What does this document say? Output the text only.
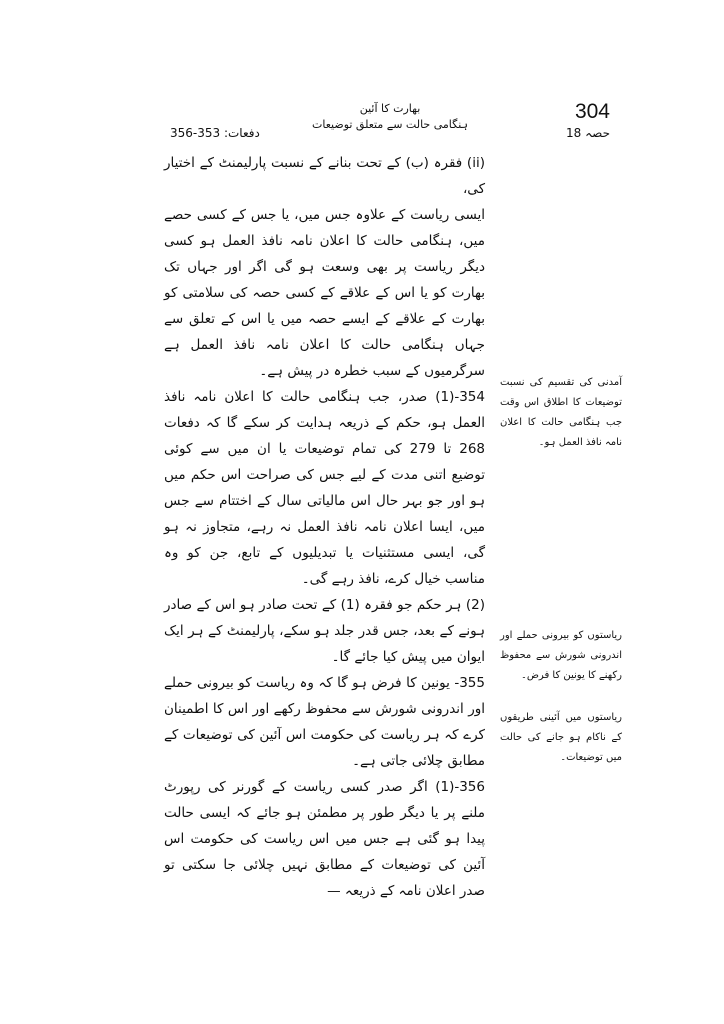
304
بھارت کا آئین
ہنگامی حالت سے متعلق توضیعات
حصہ 18
دفعات: 353-356

(ii) فقرہ (ب) کے تحت بنانے کے نسبت پارلیمنٹ کے اختیار کی،

ایسی ریاست کے علاوہ جس میں، یا جس کے کسی حصے میں، ہنگامی حالت کا اعلان نامہ نافذ العمل ہو کسی دیگر ریاست پر بھی وسعت ہو گی اگر اور جہاں تک بھارت کو یا اس کے علاقے کے کسی حصہ کی سلامتی کو بھارت کے علاقے کے ایسے حصہ میں یا اس کے تعلق سے جہاں ہنگامی حالت کا اعلان نامہ نافذ العمل ہے سرگرمیوں کے سبب خطرہ در پیش ہے۔

354-(1) صدر، جب ہنگامی حالت کا اعلان نامہ نافذ العمل ہو، حکم کے ذریعہ ہدایت کر سکے گا کہ دفعات 268 تا 279 کی تمام توضیعات یا ان میں سے کوئی توضیع اتنی مدت کے لیے جس کی صراحت اس حکم میں ہو اور جو بہر حال اس مالیاتی سال کے اختتام سے جس میں، ایسا اعلان نامہ نافذ العمل نہ رہے، متجاوز نہ ہو گی، ایسی مستثنیات یا تبدیلیوں کے تابع، جن کو وہ مناسب خیال کرے، نافذ رہے گی۔

(2) ہر حکم جو فقرہ (1) کے تحت صادر ہو اس کے صادر ہونے کے بعد، جس قدر جلد ہو سکے، پارلیمنٹ کے ہر ایک ایوان میں پیش کیا جائے گا۔

355- یونین کا فرض ہو گا کہ وہ ریاست کو بیرونی حملے اور اندرونی شورش سے محفوظ رکھے اور اس کا اطمینان کرے کہ ہر ریاست کی حکومت اس آئین کی توضیعات کے مطابق چلائی جاتی ہے۔

356-(1) اگر صدر کسی ریاست کے گورنر کی رپورٹ ملنے پر یا دیگر طور پر مطمئن ہو جائے کہ ایسی حالت پیدا ہو گئی ہے جس میں اس ریاست کی حکومت اس آئین کی توضیعات کے مطابق نہیں چلائی جا سکتی تو صدر اعلان نامہ کے ذریعہ —

آمدنی کی تقسیم کی نسبت توضیعات کا اطلاق اس وقت جب ہنگامی حالت کا اعلان نامہ نافذ العمل ہو۔
ریاستوں کو بیرونی حملے اور اندرونی شورش سے محفوظ رکھنے کا یونین کا فرض۔
ریاستوں میں آئینی طریقوں کے ناکام ہو جانے کی حالت میں توضیعات۔
